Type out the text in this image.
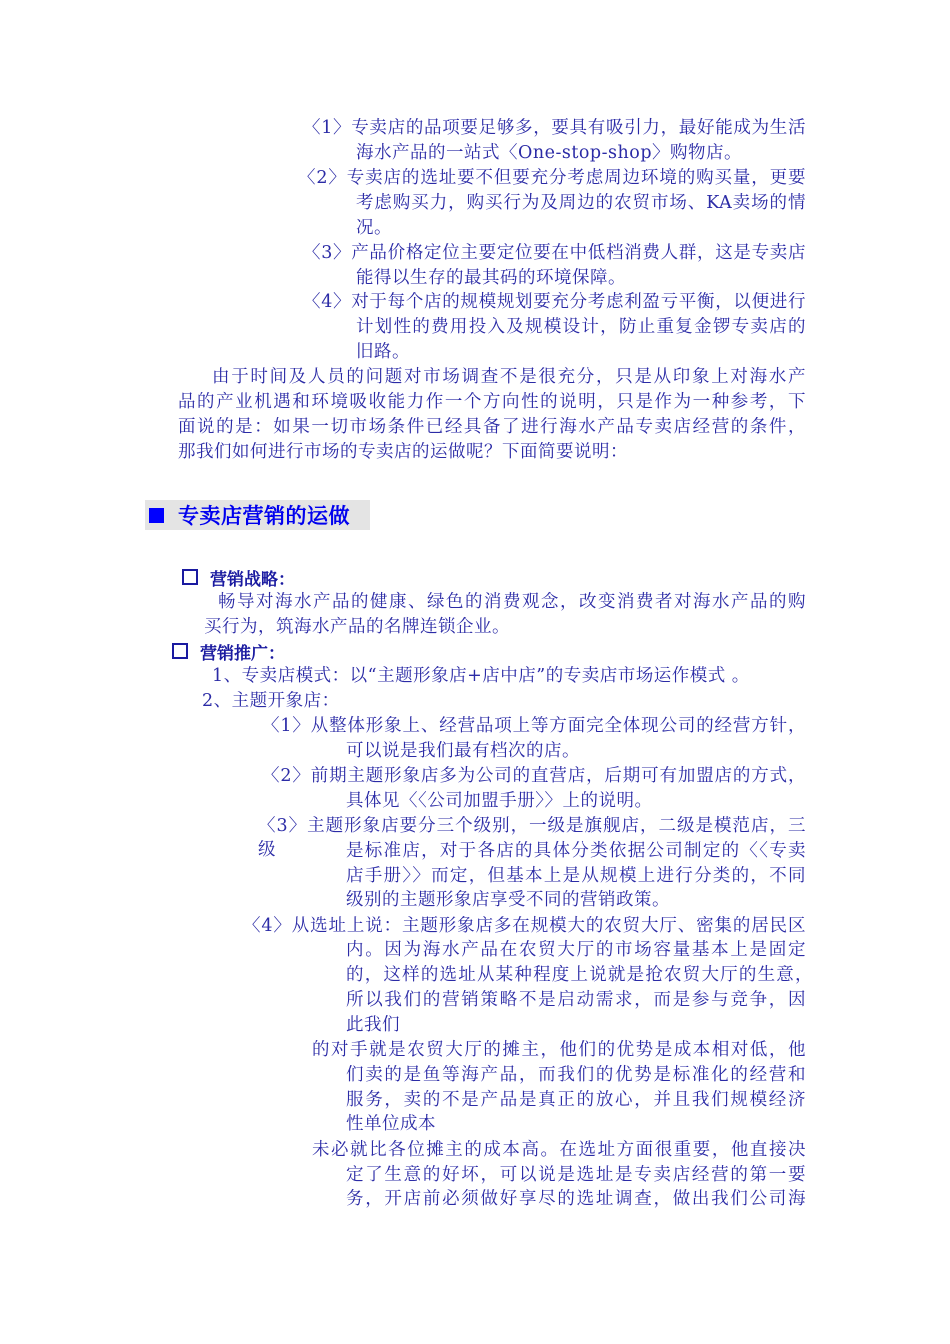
〈1〉专卖店的品项要足够多，要具有吸引力，最好能成为生活
海水产品的一站式〈One-stop-shop〉购物店。
〈2〉专卖店的选址要不但要充分考虑周边环境的购买量，更要
考虑购买力，购买行为及周边的农贸市场、KA卖场的情
况。
〈3〉产品价格定位主要定位要在中低档消费人群，这是专卖店
能得以生存的最其码的环境保障。
〈4〉对于每个店的规模规划要充分考虑利盈亏平衡，以便进行
计划性的费用投入及规模设计，防止重复金锣专卖店的
旧路。
由于时间及人员的问题对市场调查不是很充分，只是从印象上对海水产
品的产业机遇和环境吸收能力作一个方向性的说明，只是作为一种参考，下
面说的是：如果一切市场条件已经具备了进行海水产品专卖店经营的条件，
那我们如何进行市场的专卖店的运做呢？下面简要说明：
专卖店营销的运做
营销战略：
畅导对海水产品的健康、绿色的消费观念，改变消费者对海水产品的购
买行为，筑海水产品的名牌连锁企业。
营销推广：
1、专卖店模式：以“主题形象店+店中店”的专卖店市场运作模式 。
2、主题开象店：
〈1〉从整体形象上、经营品项上等方面完全体现公司的经营方针，
可以说是我们最有档次的店。
〈2〉前期主题形象店多为公司的直营店，后期可有加盟店的方式，
具体见〈〈公司加盟手册〉〉上的说明。
〈3〉主题形象店要分三个级别，一级是旗舰店，二级是模范店，三级	是标准店，对于各店的具体分类依据公司制定的〈〈专卖
店手册〉〉而定，但基本上是从规模上进行分类的，不同
级别的主题形象店享受不同的营销政策。
〈4〉从选址上说：主题形象店多在规模大的农贸大厅、密集的居民区
内。因为海水产品在农贸大厅的市场容量基本上是固定
的，这样的选址从某种程度上说就是抢农贸大厅的生意，
所以我们的营销策略不是启动需求，而是参与竞争，因
此我们
的对手就是农贸大厅的摊主，他们的优势是成本相对低，他
们卖的是鱼等海产品，而我们的优势是标准化的经营和
服务，卖的不是产品是真正的放心，并且我们规模经济
性单位成本
未必就比各位摊主的成本高。在选址方面很重要，他直接决
定了生意的好坏，可以说是选址是专卖店经营的第一要
务，开店前必须做好享尽的选址调查，做出我们公司海
